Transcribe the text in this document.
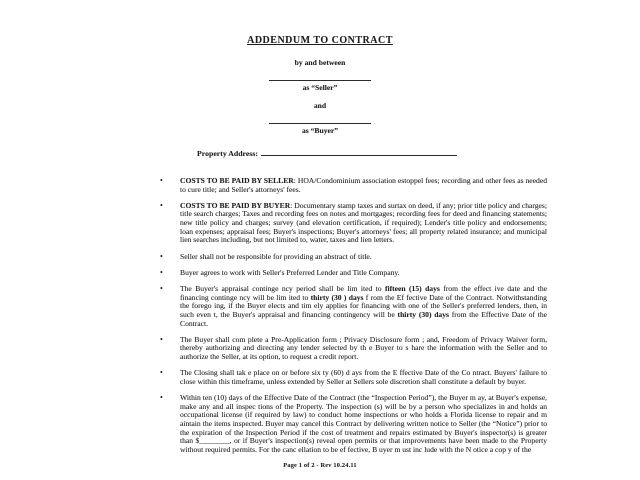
ADDENDUM TO CONTRACT
by and between
as “Seller”
and
as “Buyer”
Property Address:
• COSTS TO BE PAID BY SELLER: HOA/Condominium association estoppel fees; recording and other fees as needed to cure title; and Seller's attorneys' fees.
• COSTS TO BE PAID BY BUYER: Documentary stamp taxes and surtax on deed, if any; prior title policy and charges; title search charges; Taxes and recording fees on notes and mortgages; recording fees for deed and financing statements; new title policy and charges; survey (and elevation certification, if required); Lender's title policy and endorsements; loan expenses; appraisal fees; Buyer's inspections; Buyer's attorneys' fees; all property related insurance; and municipal lien searches including, but not limited to, water, taxes and lien letters.
• Seller shall not be responsible for providing an abstract of title.
• Buyer agrees to work with Seller's Preferred Lender and Title Company.
• The Buyer's appraisal continge ncy period shall be lim ited to fifteen (15) days from the effect ive date and the financing continge ncy will be lim ited to thirty (30 ) days f rom the Ef fective Date of the Contract. Notwithstanding the forego ing, if the Buyer elects and tim ely applies for financing with one of the Seller's preferred lenders, then, in such even t, the Buyer's appraisal and financing contingency will be thirty (30) days from the Effective Date of the Contract.
• The Buyer shall com plete a Pre-Application form ; Privacy Disclosure form ; and, Freedom of Privacy Waiver form, thereby authorizing and directing any lender selected by th e Buyer to s hare the information with the Seller and to authorize the Seller, at its option, to request a credit report.
• The Closing shall tak e place on or before six ty (60) d ays from the E ffective Date of the Co ntract. Buyers' failure to close within this timeframe, unless extended by Seller at Sellers sole discretion shall constitute a default by buyer.
• Within ten (10) days of the Effective Date of the Contract (the “Inspection Period”), the Buyer m ay, at Buyer's expense, make any and all inspec tions of the Property. The inspection (s) will be by a person who specializes in and holds an occupational license (if required by law) to conduct home inspections or who holds a Florida license to repair and m aintain the items inspected. Buyer may cancel this Contract by delivering written notice to Seller (the “Notice”) prior to the expiration of the Inspection Period if the cost of treatment and repairs estimated by Buyer's inspector(s) is greater than $________, or if Buyer's inspection(s) reveal open permits or that improvements have been made to the Property without required permits. For the canc ellation to be ef fective, B uyer m ust inc lude with the N otice a cop y of the
Page 1 of 2 - Rev 10.24.11
